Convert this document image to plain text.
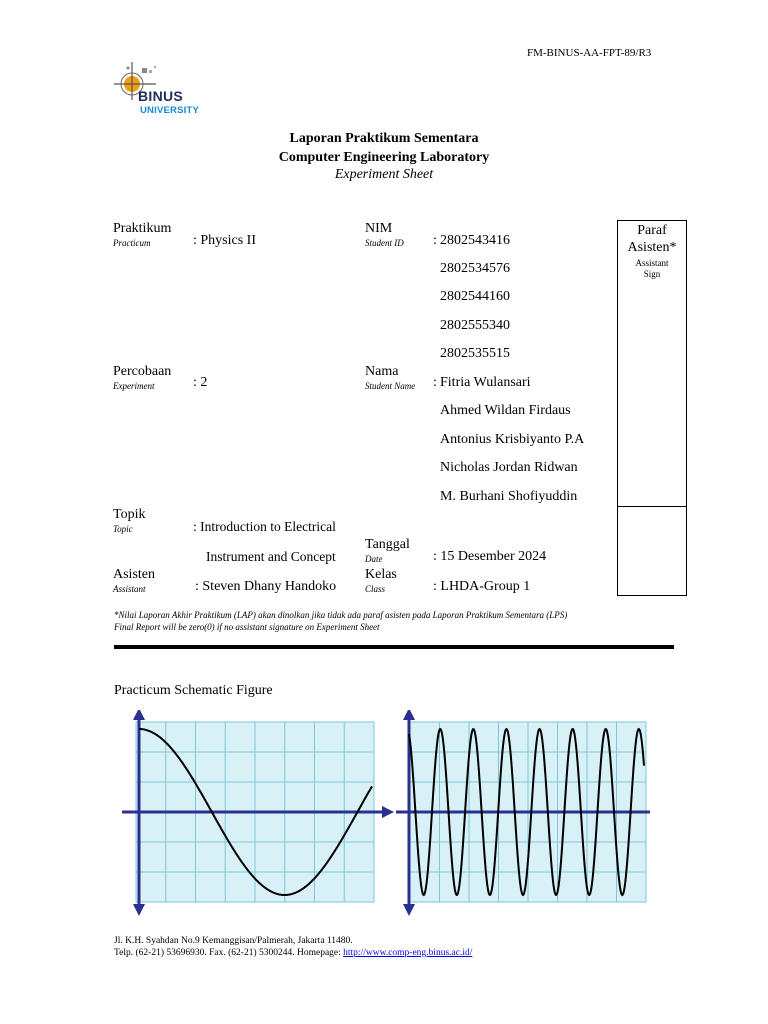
FM-BINUS-AA-FPT-89/R3
BINUS
UNIVERSITY
Laporan Praktikum Sementara
Computer Engineering Laboratory
Experiment Sheet
Praktikum
Practicum	: Physics II
NIM
Student ID : 2802543416
2802534576
2802544160
2802555340
2802535515
Percobaan
Experiment	: 2
Nama
Student Name : Fitria Wulansari
Ahmed Wildan Firdaus
Antonius Krisbiyanto P.A
Nicholas Jordan Ridwan
M. Burhani Shofiyuddin
Topik
Topic	: Introduction to Electrical
Instrument and Concept
Tanggal
Date	: 15 Desember 2024
Asisten
Assistant	: Steven Dhany Handoko
Kelas
Class	: LHDA-Group 1
Paraf
Asisten*
Assistant
Sign
*Nilai Laporan Akhir Praktikum (LAP) akan dinolkan jika tidak ada paraf asisten pada Laporan Praktikum Sementara (LPS)
Final Report will be zero(0) if no assistant signature on Experiment Sheet
Practicum Schematic Figure
Jl. K.H. Syahdan No.9 Kemanggisan/Palmerah, Jakarta 11480.
Telp. (62-21) 53696930. Fax. (62-21) 5300244. Homepage: http://www.comp-eng.binus.ac.id/
